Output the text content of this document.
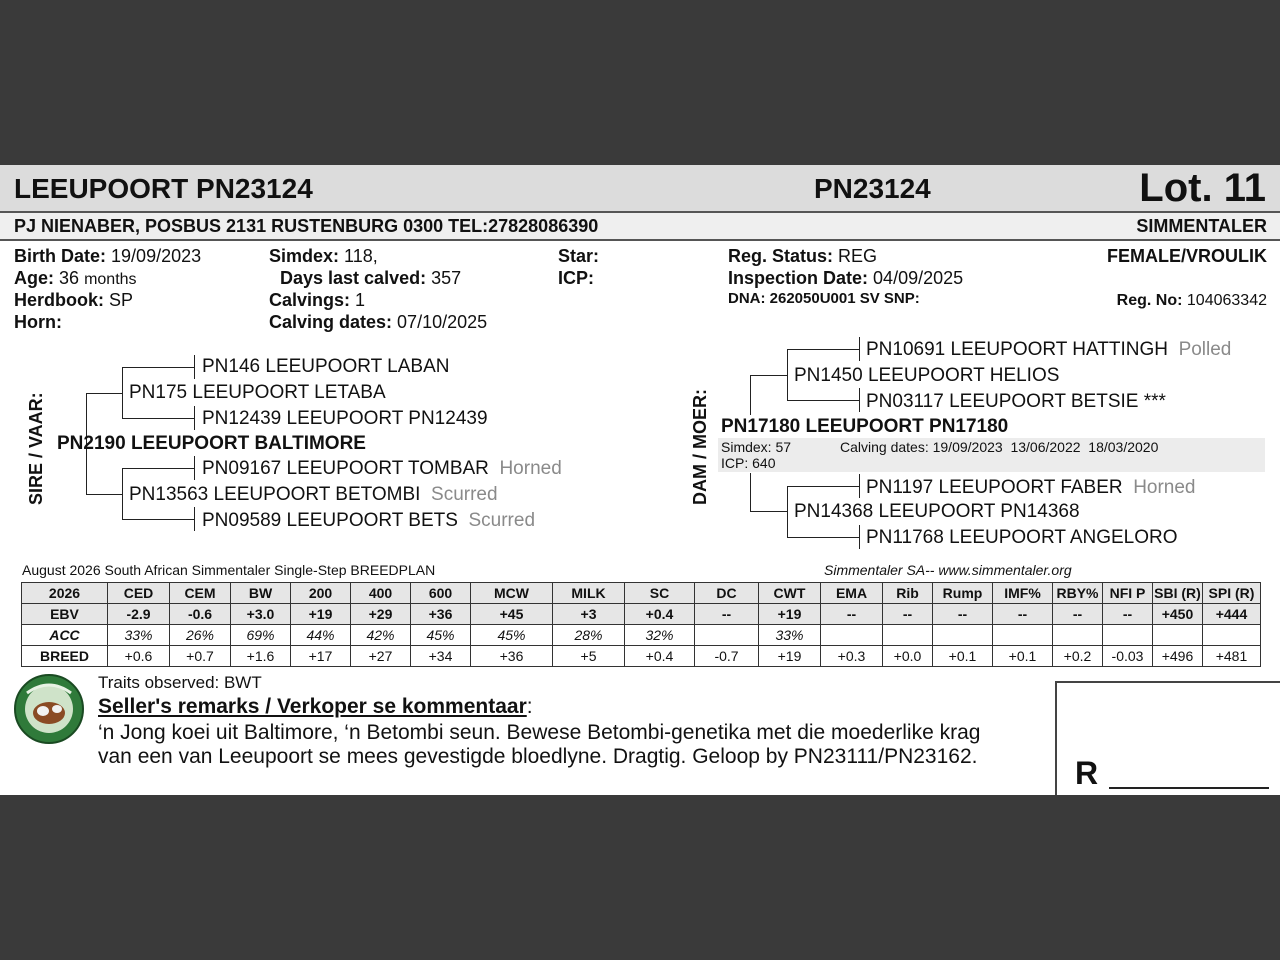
LEEUPOORT PN23124	PN23124	Lot. 11
PJ NIENABER, POSBUS 2131 RUSTENBURG 0300 TEL:27828086390	SIMMENTALER
Birth Date: 19/09/2023
Age: 36 months
Herdbook: SP
Horn:
Simdex: 118,
Days last calved: 357
Calvings: 1
Calving dates: 07/10/2025
Star:
ICP:
Reg. Status: REG
Inspection Date: 04/09/2025
DNA: 262050U001 SV SNP:
FEMALE/VROULIK
Reg. No: 104063342
SIRE / VAAR:
PN146 LEEUPOORT LABAN
PN175 LEEUPOORT LETABA
PN12439 LEEUPOORT PN12439
PN2190 LEEUPOORT BALTIMORE
PN09167 LEEUPOORT TOMBAR Horned
PN13563 LEEUPOORT BETOMBI Scurred
PN09589 LEEUPOORT BETS Scurred
DAM / MOER:
PN10691 LEEUPOORT HATTINGH Polled
PN1450 LEEUPOORT HELIOS
PN03117 LEEUPOORT BETSIE ***
PN17180 LEEUPOORT PN17180
Simdex: 57
ICP: 640
Calving dates: 19/09/2023  13/06/2022  18/03/2020
PN1197 LEEUPOORT FABER Horned
PN14368 LEEUPOORT PN14368
PN11768 LEEUPOORT ANGELORO
August 2026 South African Simmentaler Single-Step BREEDPLAN	Simmentaler SA-- www.simmentaler.org
2026	CED	CEM	BW	200	400	600	MCW	MILK	SC	DC	CWT	EMA	Rib	Rump	IMF%	RBY%	NFI P	SBI (R)	SPI (R)
EBV	-2.9	-0.6	+3.0	+19	+29	+36	+45	+3	+0.4	--	+19	--	--	--	--	--	--	+450	+444
ACC	33%	26%	69%	44%	42%	45%	45%	28%	32%		33%								
BREED	+0.6	+0.7	+1.6	+17	+27	+34	+36	+5	+0.4	-0.7	+19	+0.3	+0.0	+0.1	+0.1	+0.2	-0.03	+496	+481
Traits observed: BWT
Seller's remarks / Verkoper se kommentaar:
‘n Jong koei uit Baltimore, ‘n Betombi seun. Bewese Betombi-genetika met die moederlike krag
van een van Leeupoort se mees gevestigde bloedlyne. Dragtig. Geloop by PN23111/PN23162.	R
